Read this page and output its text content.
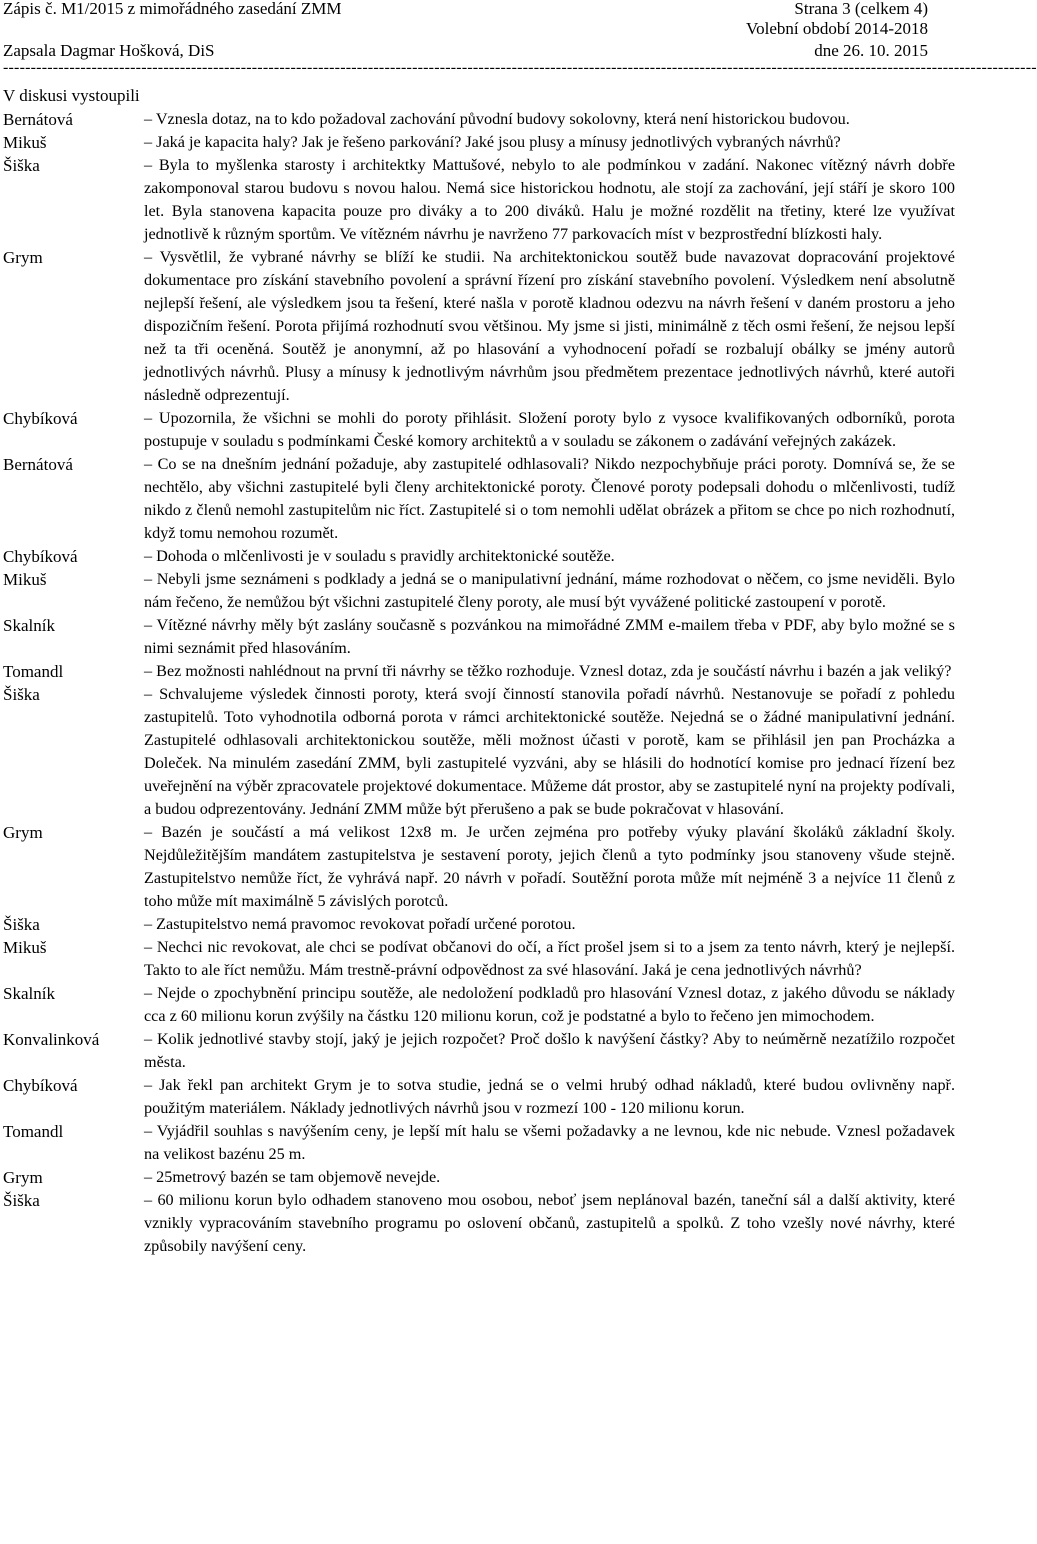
Zápis č. M1/2015 z mimořádného zasedání ZMM	Strana 3 (celkem 4)
Volební období 2014-2018
Zapsala Dagmar Hošková, DiS	dne 26. 10. 2015
-------------------------------------------------------------------------------------------------------------------------------------------------------------------------------------------
V diskusi vystoupili
Bernátová	– Vznesla dotaz, na to kdo požadoval zachování původní budovy sokolovny, která není historickou budovou.
Mikuš	– Jaká je kapacita haly? Jak je řešeno parkování? Jaké jsou plusy a mínusy jednotlivých vybraných návrhů?
Šiška	– Byla to myšlenka starosty i architektky Mattušové, nebylo to ale podmínkou v zadání. Nakonec vítězný návrh dobře zakomponoval starou budovu s novou halou. Nemá sice historickou hodnotu, ale stojí za zachování, její stáří je skoro 100 let. Byla stanovena kapacita pouze pro diváky a to 200 diváků. Halu je možné rozdělit na třetiny, které lze využívat jednotlivě k různým sportům. Ve vítězném návrhu je navrženo 77 parkovacích míst v bezprostřední blízkosti haly.
Grym	– Vysvětlil, že vybrané návrhy se blíží ke studii. Na architektonickou soutěž bude navazovat dopracování projektové dokumentace pro získání stavebního povolení a správní řízení pro získání stavebního povolení. Výsledkem není absolutně nejlepší řešení, ale výsledkem jsou ta řešení, které našla v porotě kladnou odezvu na návrh řešení v daném prostoru a jeho dispozičním řešení. Porota přijímá rozhodnutí svou většinou. My jsme si jisti, minimálně z těch osmi řešení, že nejsou lepší než ta tři oceněná. Soutěž je anonymní, až po hlasování a vyhodnocení pořadí se rozbalují obálky se jmény autorů jednotlivých návrhů. Plusy a mínusy k jednotlivým návrhům jsou předmětem prezentace jednotlivých návrhů, které autoři následně odprezentují.
Chybíková	– Upozornila, že všichni se mohli do poroty přihlásit. Složení poroty bylo z vysoce kvalifikovaných odborníků, porota postupuje v souladu s podmínkami České komory architektů a v souladu se zákonem o zadávání veřejných zakázek.
Bernátová	– Co se na dnešním jednání požaduje, aby zastupitelé odhlasovali? Nikdo nezpochybňuje práci poroty. Domnívá se, že se nechtělo, aby všichni zastupitelé byli členy architektonické poroty. Členové poroty podepsali dohodu o mlčenlivosti, tudíž nikdo z členů nemohl zastupitelům nic říct. Zastupitelé si o tom nemohli udělat obrázek a přitom se chce po nich rozhodnutí, když tomu nemohou rozumět.
Chybíková	– Dohoda o mlčenlivosti je v souladu s pravidly architektonické soutěže.
Mikuš	– Nebyli jsme seznámeni s podklady a jedná se o manipulativní jednání, máme rozhodovat o něčem, co jsme neviděli. Bylo nám řečeno, že nemůžou být všichni zastupitelé členy poroty, ale musí být vyvážené politické zastoupení v porotě.
Skalník	– Vítězné návrhy měly být zaslány současně s pozvánkou na mimořádné ZMM e-mailem třeba v PDF, aby bylo možné se s nimi seznámit před hlasováním.
Tomandl	– Bez možnosti nahlédnout na první tři návrhy se těžko rozhoduje. Vznesl dotaz, zda je součástí návrhu i bazén a jak veliký?
Šiška	– Schvalujeme výsledek činnosti poroty, která svojí činností stanovila pořadí návrhů. Nestanovuje se pořadí z pohledu zastupitelů. Toto vyhodnotila odborná porota v rámci architektonické soutěže. Nejedná se o žádné manipulativní jednání. Zastupitelé odhlasovali architektonickou soutěže, měli možnost účasti v porotě, kam se přihlásil jen pan Procházka a Doleček. Na minulém zasedání ZMM, byli zastupitelé vyzváni, aby se hlásili do hodnotící komise pro jednací řízení bez uveřejnění na výběr zpracovatele projektové dokumentace. Můžeme dát prostor, aby se zastupitelé nyní na projekty podívali, a budou odprezentovány. Jednání ZMM může být přerušeno a pak se bude pokračovat v hlasování.
Grym	– Bazén je součástí a má velikost 12x8 m. Je určen zejména pro potřeby výuky plavání školáků základní školy. Nejdůležitějším mandátem zastupitelstva je sestavení poroty, jejich členů a tyto podmínky jsou stanoveny všude stejně. Zastupitelstvo nemůže říct, že vyhrává např. 20 návrh v pořadí. Soutěžní porota může mít nejméně 3 a nejvíce 11 členů z toho může mít maximálně 5 závislých porotců.
Šiška	– Zastupitelstvo nemá pravomoc revokovat pořadí určené porotou.
Mikuš	– Nechci nic revokovat, ale chci se podívat občanovi do očí, a říct prošel jsem si to a jsem za tento návrh, který je nejlepší. Takto to ale říct nemůžu. Mám trestně-právní odpovědnost za své hlasování. Jaká je cena jednotlivých návrhů?
Skalník	– Nejde o zpochybnění principu soutěže, ale nedoložení podkladů pro hlasování Vznesl dotaz, z jakého důvodu se náklady cca z 60 milionu korun zvýšily na částku 120 milionu korun, což je podstatné a bylo to řečeno jen mimochodem.
Konvalinková	– Kolik jednotlivé stavby stojí, jaký je jejich rozpočet? Proč došlo k navýšení částky? Aby to neúměrně nezatížilo rozpočet města.
Chybíková	– Jak řekl pan architekt Grym je to sotva studie, jedná se o velmi hrubý odhad nákladů, které budou ovlivněny např. použitým materiálem. Náklady jednotlivých návrhů jsou v rozmezí 100 - 120 milionu korun.
Tomandl	– Vyjádřil souhlas s navýšením ceny, je lepší mít halu se všemi požadavky a ne levnou, kde nic nebude. Vznesl požadavek na velikost bazénu 25 m.
Grym	– 25metrový bazén se tam objemově nevejde.
Šiška	– 60 milionu korun bylo odhadem stanoveno mou osobou, neboť jsem neplánoval bazén, taneční sál a další aktivity, které vznikly vypracováním stavebního programu po oslovení občanů, zastupitelů a spolků. Z toho vzešly nové návrhy, které způsobily navýšení ceny.
